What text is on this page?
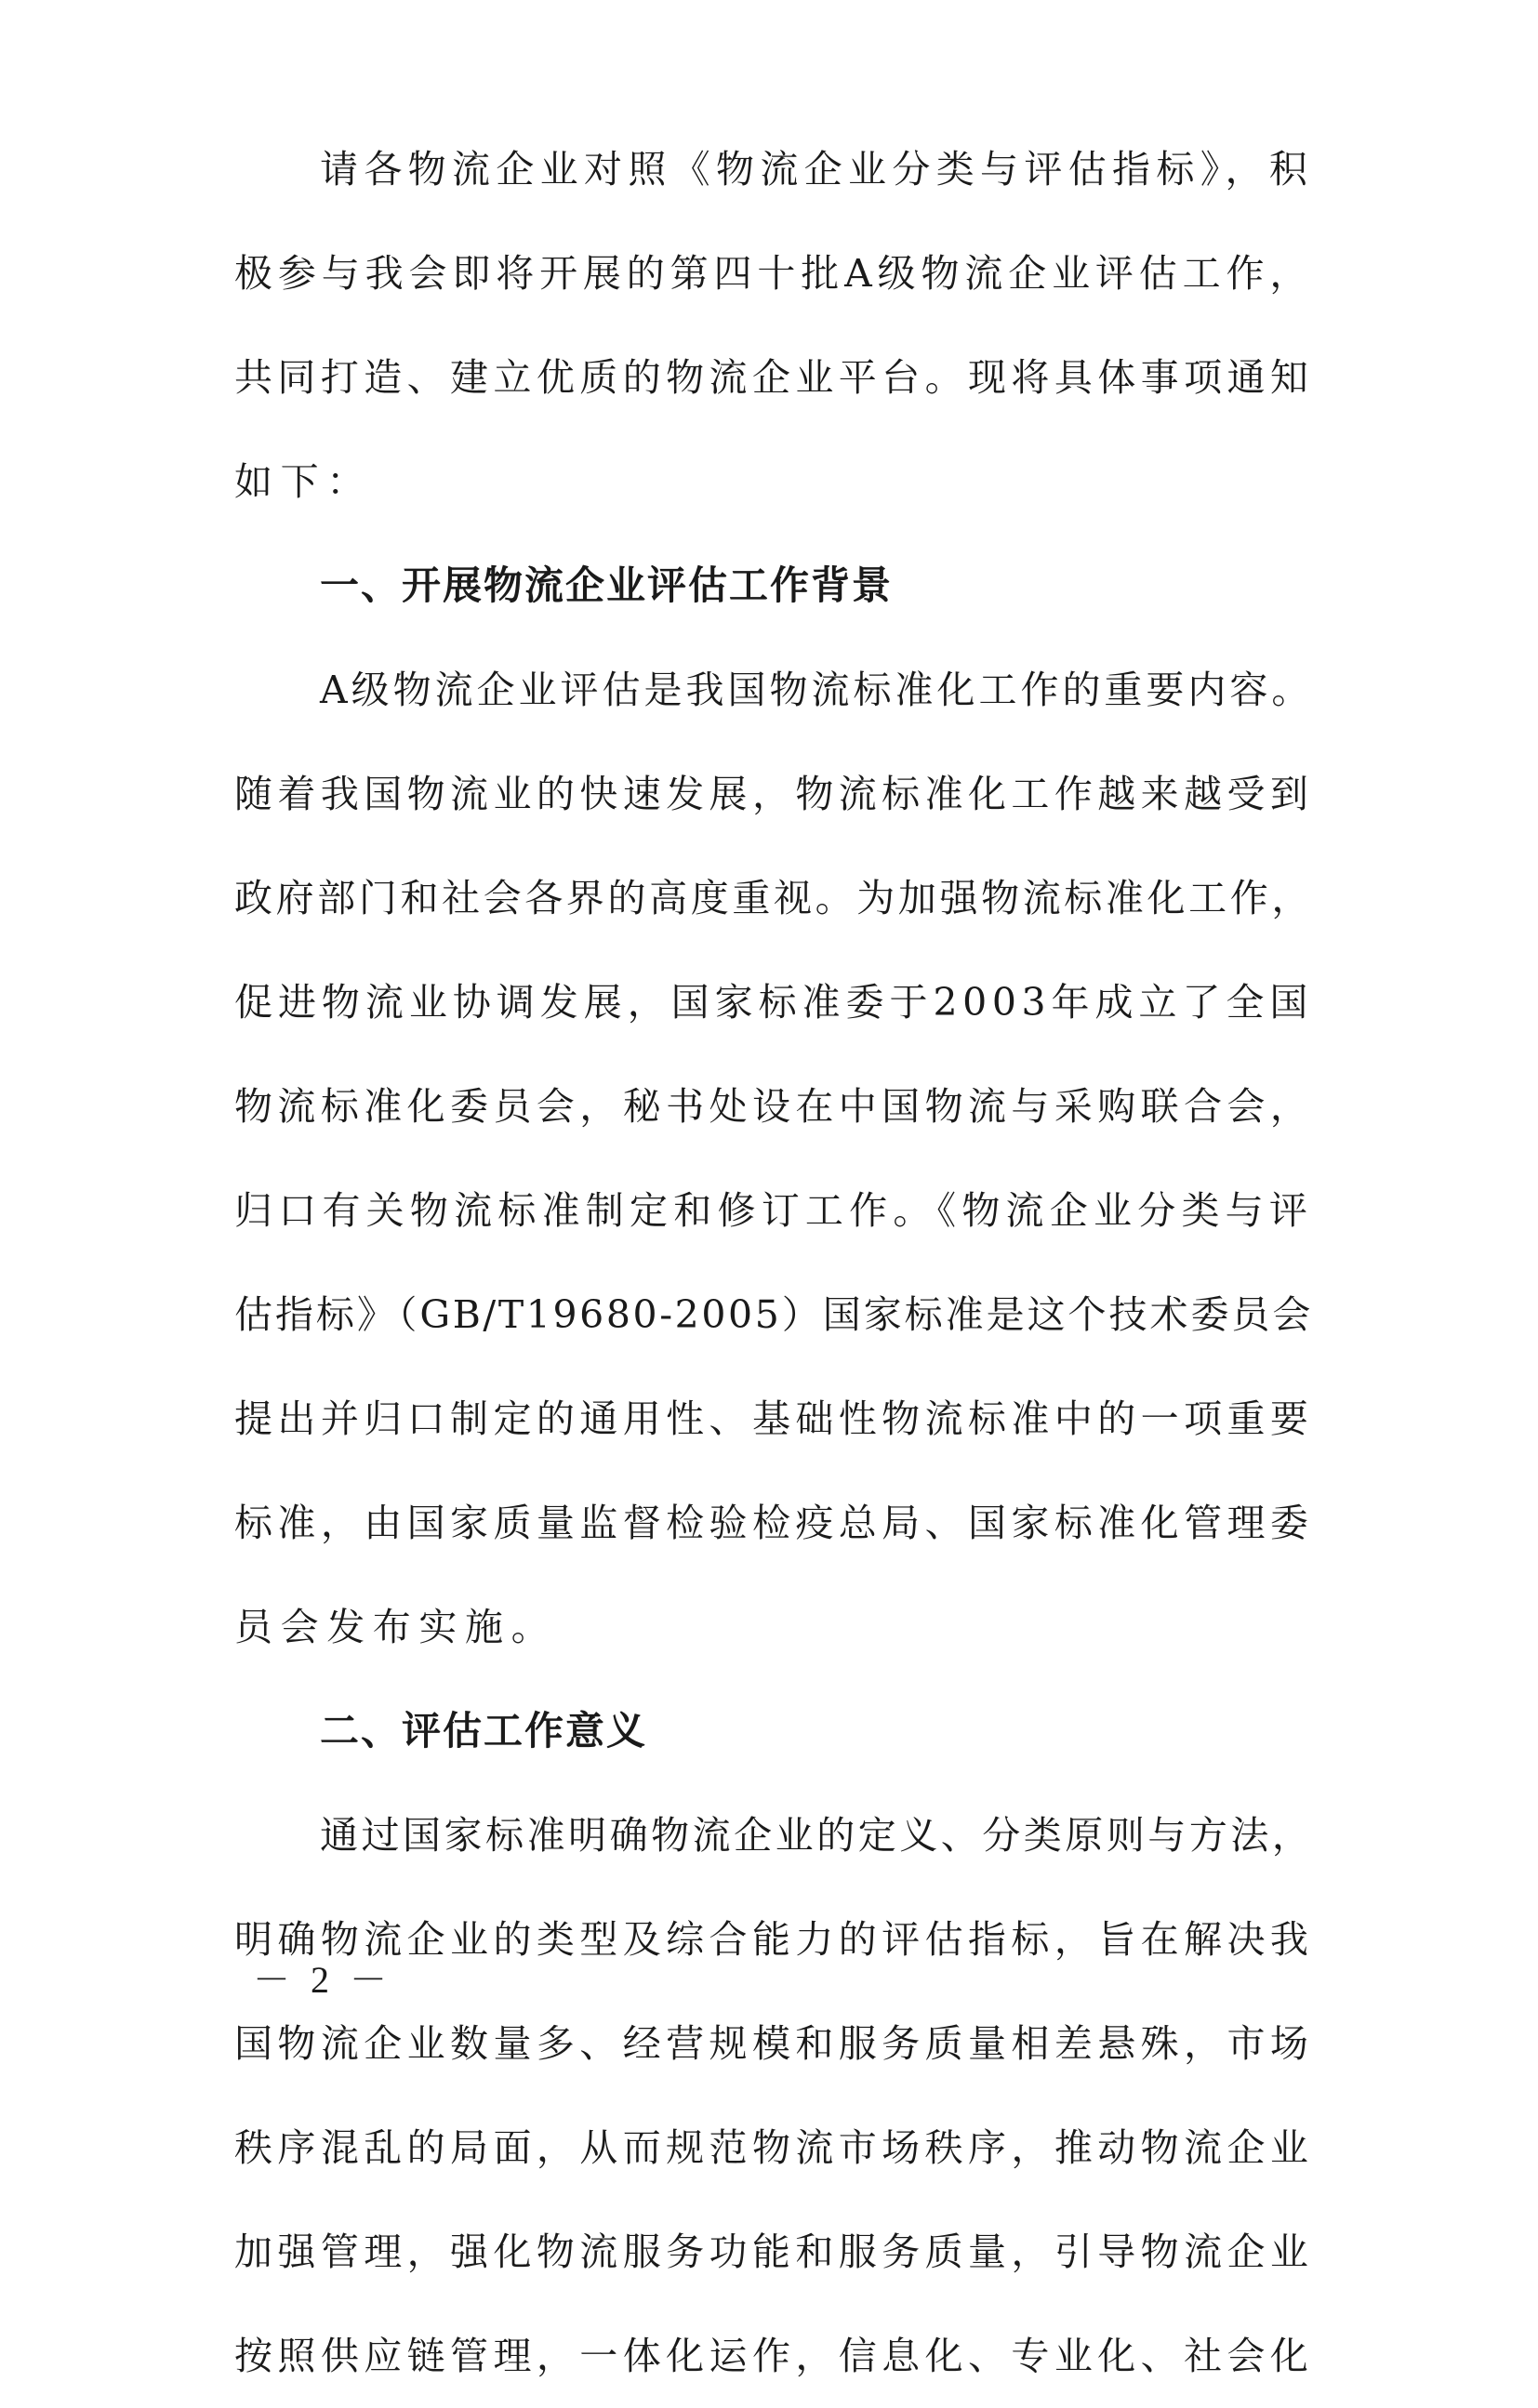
请各物流企业对照《物流企业分类与评估指标》，积
极参与我会即将开展的第四十批A级物流企业评估工作，
共同打造、建立优质的物流企业平台。现将具体事项通知
如下：
一、开展物流企业评估工作背景
A级物流企业评估是我国物流标准化工作的重要内容。
随着我国物流业的快速发展，物流标准化工作越来越受到
政府部门和社会各界的高度重视。为加强物流标准化工作，
促进物流业协调发展，国家标准委于2003年成立了全国
物流标准化委员会，秘书处设在中国物流与采购联合会，
归口有关物流标准制定和修订工作。《物流企业分类与评
估指标》（GB/T19680-2005）国家标准是这个技术委员会
提出并归口制定的通用性、基础性物流标准中的一项重要
标准，由国家质量监督检验检疫总局、国家标准化管理委
员会发布实施。
二、评估工作意义
通过国家标准明确物流企业的定义、分类原则与方法，
明确物流企业的类型及综合能力的评估指标，旨在解决我
国物流企业数量多、经营规模和服务质量相差悬殊，市场
秩序混乱的局面，从而规范物流市场秩序，推动物流企业
加强管理，强化物流服务功能和服务质量，引导物流企业
按照供应链管理，一体化运作，信息化、专业化、社会化
－ 2 －
